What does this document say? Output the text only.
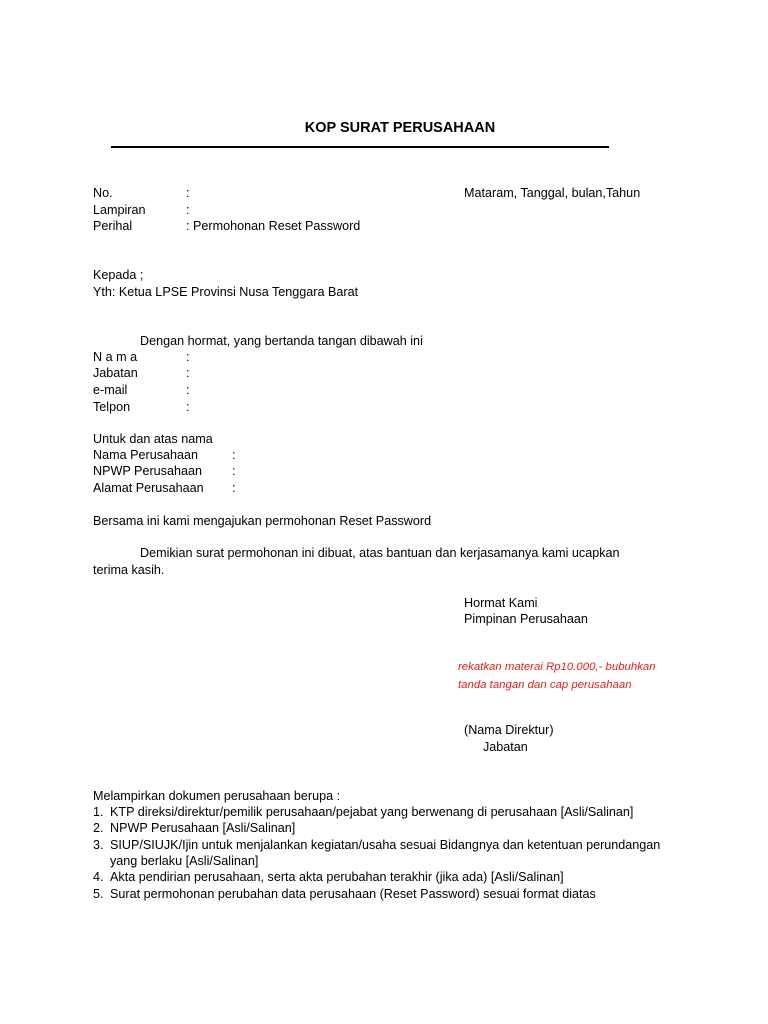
KOP SURAT PERUSAHAAN
No.	:	Mataram, Tanggal, bulan,Tahun
Lampiran	:
Perihal	: Permohonan Reset Password
Kepada ;
Yth: Ketua LPSE Provinsi Nusa Tenggara Barat
Dengan hormat, yang bertanda tangan dibawah ini
N a m a	:
Jabatan	:
e-mail	:
Telpon	:
Untuk dan atas nama
Nama Perusahaan	:
NPWP Perusahaan :
Alamat Perusahaan :
Bersama ini kami mengajukan permohonan Reset Password
Demikian surat permohonan ini dibuat, atas bantuan dan kerjasamanya kami ucapkan
terima kasih.
Hormat Kami
Pimpinan Perusahaan
rekatkan materai Rp10.000,- bubuhkan
tanda tangan dan cap perusahaan
(Nama Direktur)
Jabatan
Melampirkan dokumen perusahaan berupa :
1. KTP direksi/direktur/pemilik perusahaan/pejabat yang berwenang di perusahaan [Asli/Salinan]
2. NPWP Perusahaan [Asli/Salinan]
3. SIUP/SIUJK/Ijin untuk menjalankan kegiatan/usaha sesuai Bidangnya dan ketentuan perundangan
yang berlaku [Asli/Salinan]
4. Akta pendirian perusahaan, serta akta perubahan terakhir (jika ada) [Asli/Salinan]
5. Surat permohonan perubahan data perusahaan (Reset Password) sesuai format diatas
